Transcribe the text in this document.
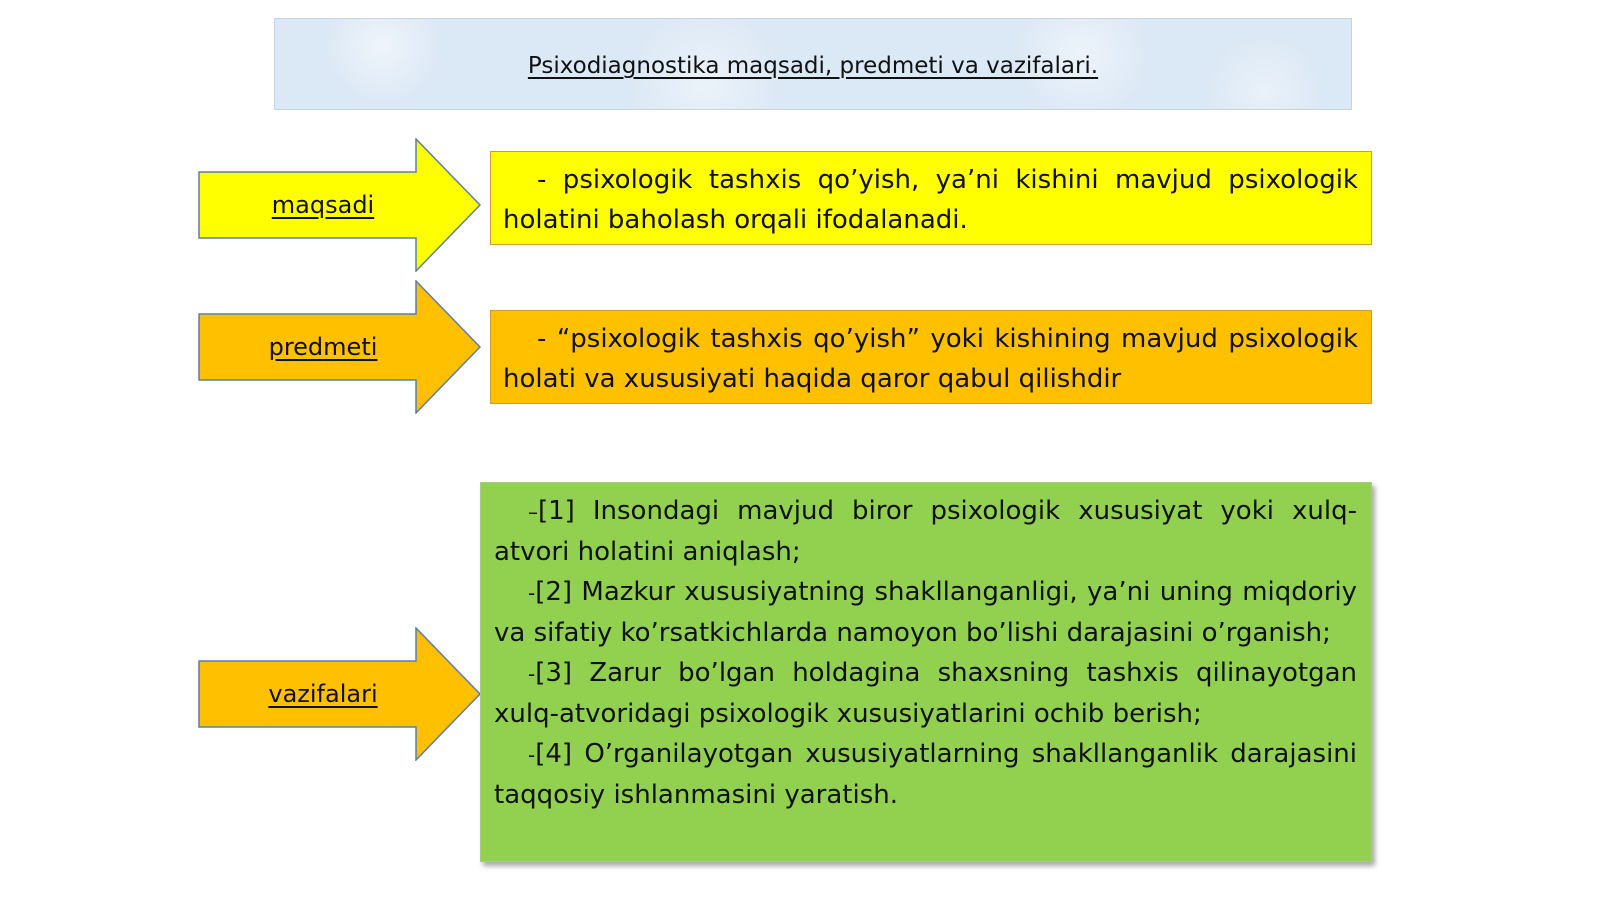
Psixodiagnostika maqsadi, predmeti va vazifalari.
maqsadi
- psixologik tashxis qo’yish, ya’ni kishini mavjud psixologik holatini baholash orqali ifodalanadi.
predmeti	- “psixologik tashxis qo’yish” yoki kishining mavjud psixologik holati va xususiyati haqida qaror qabul qilishdir
vazifalari
–[1] Insondagi mavjud biror psixologik xususiyat yoki xulq-atvori holatini aniqlash;
-[2] Mazkur xususiyatning shakllanganligi, ya’ni uning miqdoriy va sifatiy ko’rsatkichlarda namoyon bo’lishi darajasini o’rganish;
-[3] Zarur bo’lgan holdagina shaxsning tashxis qilinayotgan xulq-atvoridagi psixologik xususiyatlarini ochib berish;
-[4] O’rganilayotgan xususiyatlarning shakllanganlik darajasini taqqosiy ishlanmasini yaratish.
